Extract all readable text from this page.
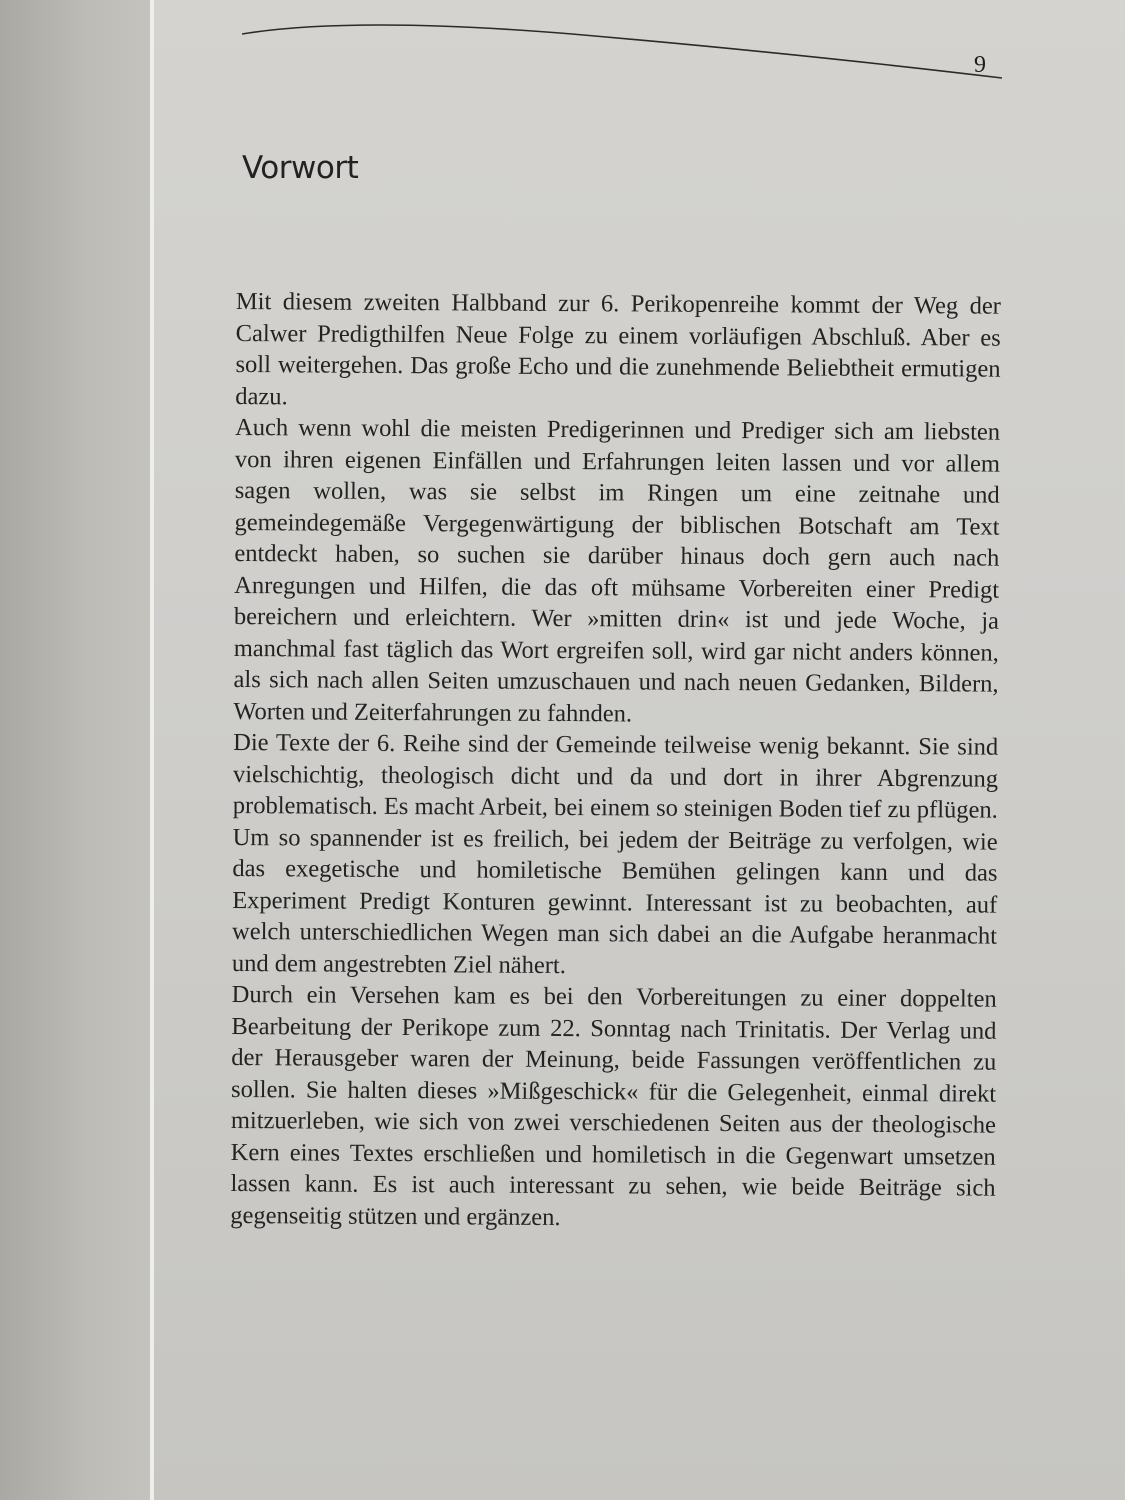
9
Vorwort

Mit diesem zweiten Halbband zur 6. Perikopenreihe kommt der Weg der Calwer Predigthilfen Neue Folge zu einem vorläufigen Abschluß. Aber es soll weitergehen. Das große Echo und die zunehmende Beliebtheit ermutigen dazu.

Auch wenn wohl die meisten Predigerinnen und Prediger sich am liebsten von ihren eigenen Einfällen und Erfahrungen leiten lassen und vor allem sagen wollen, was sie selbst im Ringen um eine zeitnahe und gemeindegemäße Vergegenwärtigung der biblischen Botschaft am Text entdeckt haben, so suchen sie darüber hinaus doch gern auch nach Anregungen und Hilfen, die das oft mühsame Vorbereiten einer Predigt bereichern und erleichtern. Wer »mitten drin« ist und jede Woche, ja manchmal fast täglich das Wort ergreifen soll, wird gar nicht anders können, als sich nach allen Seiten umzuschauen und nach neuen Gedanken, Bildern, Worten und Zeiterfahrungen zu fahnden.

Die Texte der 6. Reihe sind der Gemeinde teilweise wenig bekannt. Sie sind vielschichtig, theologisch dicht und da und dort in ihrer Abgrenzung problematisch. Es macht Arbeit, bei einem so steinigen Boden tief zu pflügen. Um so spannender ist es freilich, bei jedem der Beiträge zu verfolgen, wie das exegetische und homiletische Bemühen gelingen kann und das Experiment Predigt Konturen gewinnt. Interessant ist zu beobachten, auf welch unterschiedlichen Wegen man sich dabei an die Aufgabe heranmacht und dem angestrebten Ziel nähert.

Durch ein Versehen kam es bei den Vorbereitungen zu einer doppelten Bearbeitung der Perikope zum 22. Sonntag nach Trinitatis. Der Verlag und der Herausgeber waren der Meinung, beide Fassungen veröffentlichen zu sollen. Sie halten dieses »Mißgeschick« für die Gelegenheit, einmal direkt mitzuerleben, wie sich von zwei verschiedenen Seiten aus der theologische Kern eines Textes erschließen und homiletisch in die Gegenwart umsetzen lassen kann. Es ist auch interessant zu sehen, wie beide Beiträge sich gegenseitig stützen und ergänzen.
